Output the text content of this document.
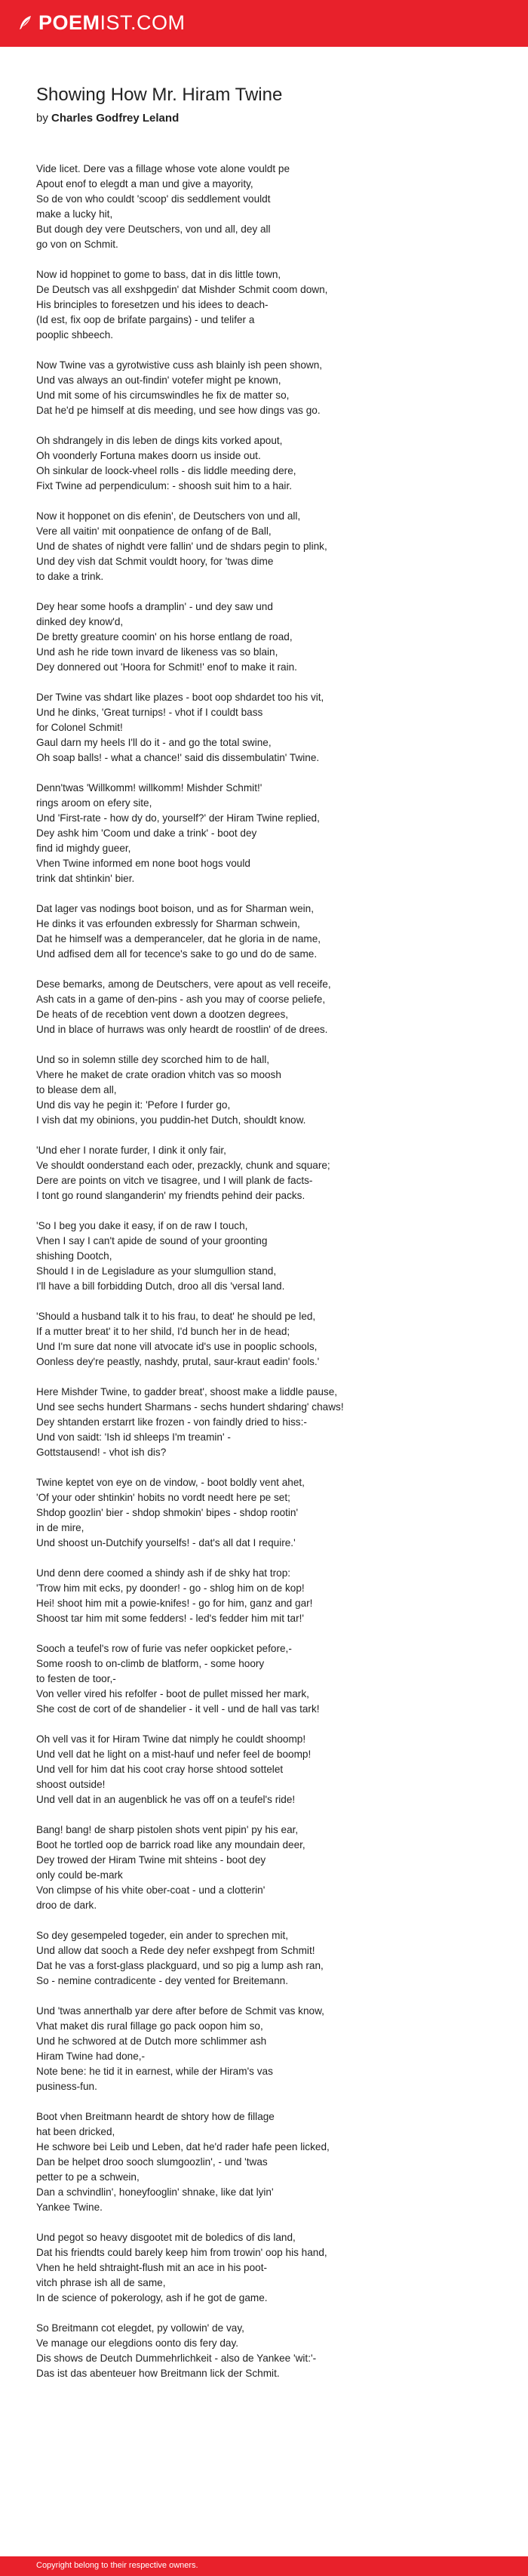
POEMIST.COM
Showing How Mr. Hiram Twine
by Charles Godfrey Leland
Vide licet. Dere vas a fillage whose vote alone vouldt pe
Apout enof to elegdt a man und give a mayority,
So de von who couldt 'scoop' dis seddlement vouldt
make a lucky hit,
But dough dey vere Deutschers, von und all, dey all
go von on Schmit.
Now id hoppinet to gome to bass, dat in dis little town,
De Deutsch vas all exshpgedin' dat Mishder Schmit coom down,
His brinciples to foresetzen und his idees to deach-
(Id est, fix oop de brifate pargains) - und telifer a
pooplic shbeech.
Now Twine vas a gyrotwistive cuss ash blainly ish peen shown,
Und vas always an out-findin' votefer might pe known,
Und mit some of his circumswindles he fix de matter so,
Dat he'd pe himself at dis meeding, und see how dings vas go.
Oh shdrangely in dis leben de dings kits vorked apout,
Oh voonderly Fortuna makes doorn us inside out.
Oh sinkular de loock-vheel rolls - dis liddle meeding dere,
Fixt Twine ad perpendiculum: - shoosh suit him to a hair.
Now it hopponet on dis efenin', de Deutschers von und all,
Vere all vaitin' mit oonpatience de onfang of de Ball,
Und de shates of nighdt vere fallin' und de shdars pegin to plink,
Und dey vish dat Schmit vouldt hoory, for 'twas dime
to dake a trink.
Dey hear some hoofs a dramplin' - und dey saw und
dinked dey know'd,
De bretty greature coomin' on his horse entlang de road,
Und ash he ride town invard de likeness vas so blain,
Dey donnered out 'Hoora for Schmit!' enof to make it rain.
Der Twine vas shdart like plazes - boot oop shdardet too his vit,
Und he dinks, 'Great turnips! - vhot if I couldt bass
for Colonel Schmit!
Gaul darn my heels I'll do it - and go the total swine,
Oh soap balls! - what a chance!' said dis dissembulatin' Twine.
Denn'twas 'Willkomm! willkomm! Mishder Schmit!'
rings aroom on efery site,
Und 'First-rate - how dy do, yourself?' der Hiram Twine replied,
Dey ashk him 'Coom und dake a trink' - boot dey
find id mighdy gueer,
Vhen Twine informed em none boot hogs vould
trink dat shtinkin' bier.
Dat lager vas nodings boot boison, und as for Sharman wein,
He dinks it vas erfounden exbressly for Sharman schwein,
Dat he himself was a demperanceler, dat he gloria in de name,
Und adfised dem all for tecence's sake to go und do de same.
Dese bemarks, among de Deutschers, vere apout as vell receife,
Ash cats in a game of den-pins - ash you may of coorse peliefe,
De heats of de recebtion vent down a dootzen degrees,
Und in blace of hurraws was only heardt de roostlin' of de drees.
Und so in solemn stille dey scorched him to de hall,
Vhere he maket de crate oradion vhitch vas so moosh
to blease dem all,
Und dis vay he pegin it: 'Pefore I furder go,
I vish dat my obinions, you puddin-het Dutch, shouldt know.
'Und eher I norate furder, I dink it only fair,
Ve shouldt oonderstand each oder, prezackly, chunk and square;
Dere are points on vitch ve tisagree, und I will plank de facts-
I tont go round slanganderin' my friendts pehind deir packs.
'So I beg you dake it easy, if on de raw I touch,
Vhen I say I can't apide de sound of your groonting
shishing Dootch,
Should I in de Legisladure as your slumgullion stand,
I'll have a bill forbidding Dutch, droo all dis 'versal land.
'Should a husband talk it to his frau, to deat' he should pe led,
If a mutter breat' it to her shild, I'd bunch her in de head;
Und I'm sure dat none vill atvocate id's use in pooplic schools,
Oonless dey're peastly, nashdy, prutal, saur-kraut eadin' fools.'
Here Mishder Twine, to gadder breat', shoost make a liddle pause,
Und see sechs hundert Sharmans - sechs hundert shdaring' chaws!
Dey shtanden erstarrt like frozen - von faindly dried to hiss:-
Und von saidt: 'Ish id shleeps I'm treamin' -
Gottstausend! - vhot ish dis?
Twine keptet von eye on de vindow, - boot boldly vent ahet,
'Of your oder shtinkin' hobits no vordt needt here pe set;
Shdop goozlin' bier - shdop shmokin' bipes - shdop rootin'
in de mire,
Und shoost un-Dutchify yourselfs! - dat's all dat I require.'
Und denn dere coomed a shindy ash if de shky hat trop:
'Trow him mit ecks, py doonder! - go - shlog him on de kop!
Hei! shoot him mit a powie-knifes! - go for him, ganz and gar!
Shoost tar him mit some fedders! - led's fedder him mit tar!'
Sooch a teufel's row of furie vas nefer oopkicket pefore,-
Some roosh to on-climb de blatform, - some hoory
to festen de toor,-
Von veller vired his refolfer - boot de pullet missed her mark,
She cost de cort of de shandelier - it vell - und de hall vas tark!
Oh vell vas it for Hiram Twine dat nimply he couldt shoomp!
Und vell dat he light on a mist-hauf und nefer feel de boomp!
Und vell for him dat his coot cray horse shtood sottelet
shoost outside!
Und vell dat in an augenblick he vas off on a teufel's ride!
Bang! bang! de sharp pistolen shots vent pipin' py his ear,
Boot he tortled oop de barrick road like any moundain deer,
Dey trowed der Hiram Twine mit shteins - boot dey
only could be-mark
Von climpse of his vhite ober-coat - und a clotterin'
droo de dark.
So dey gesempeled togeder, ein ander to sprechen mit,
Und allow dat sooch a Rede dey nefer exshpegt from Schmit!
Dat he vas a forst-glass plackguard, und so pig a lump ash ran,
So - nemine contradicente - dey vented for Breitemann.
Und 'twas annerthalb yar dere after before de Schmit vas know,
Vhat maket dis rural fillage go pack oopon him so,
Und he schwored at de Dutch more schlimmer ash
Hiram Twine had done,-
Note bene: he tid it in earnest, while der Hiram's vas
pusiness-fun.
Boot vhen Breitmann heardt de shtory how de fillage
hat been dricked,
He schwore bei Leib und Leben, dat he'd rader hafe peen licked,
Dan be helpet droo sooch slumgoozlin', - und 'twas
petter to pe a schwein,
Dan a schvindlin', honeyfooglin' shnake, like dat lyin'
Yankee Twine.
Und pegot so heavy disgootet mit de boledics of dis land,
Dat his friendts could barely keep him from trowin' oop his hand,
Vhen he held shtraight-flush mit an ace in his poot-
vitch phrase ish all de same,
In de science of pokerology, ash if he got de game.
So Breitmann cot elegdet, py vollowin' de vay,
Ve manage our elegdions oonto dis fery day.
Dis shows de Deutch Dummehrlichkeit - also de Yankee 'wit:'-
Das ist das abenteuer how Breitmann lick der Schmit.
Copyright belong to their respective owners.
